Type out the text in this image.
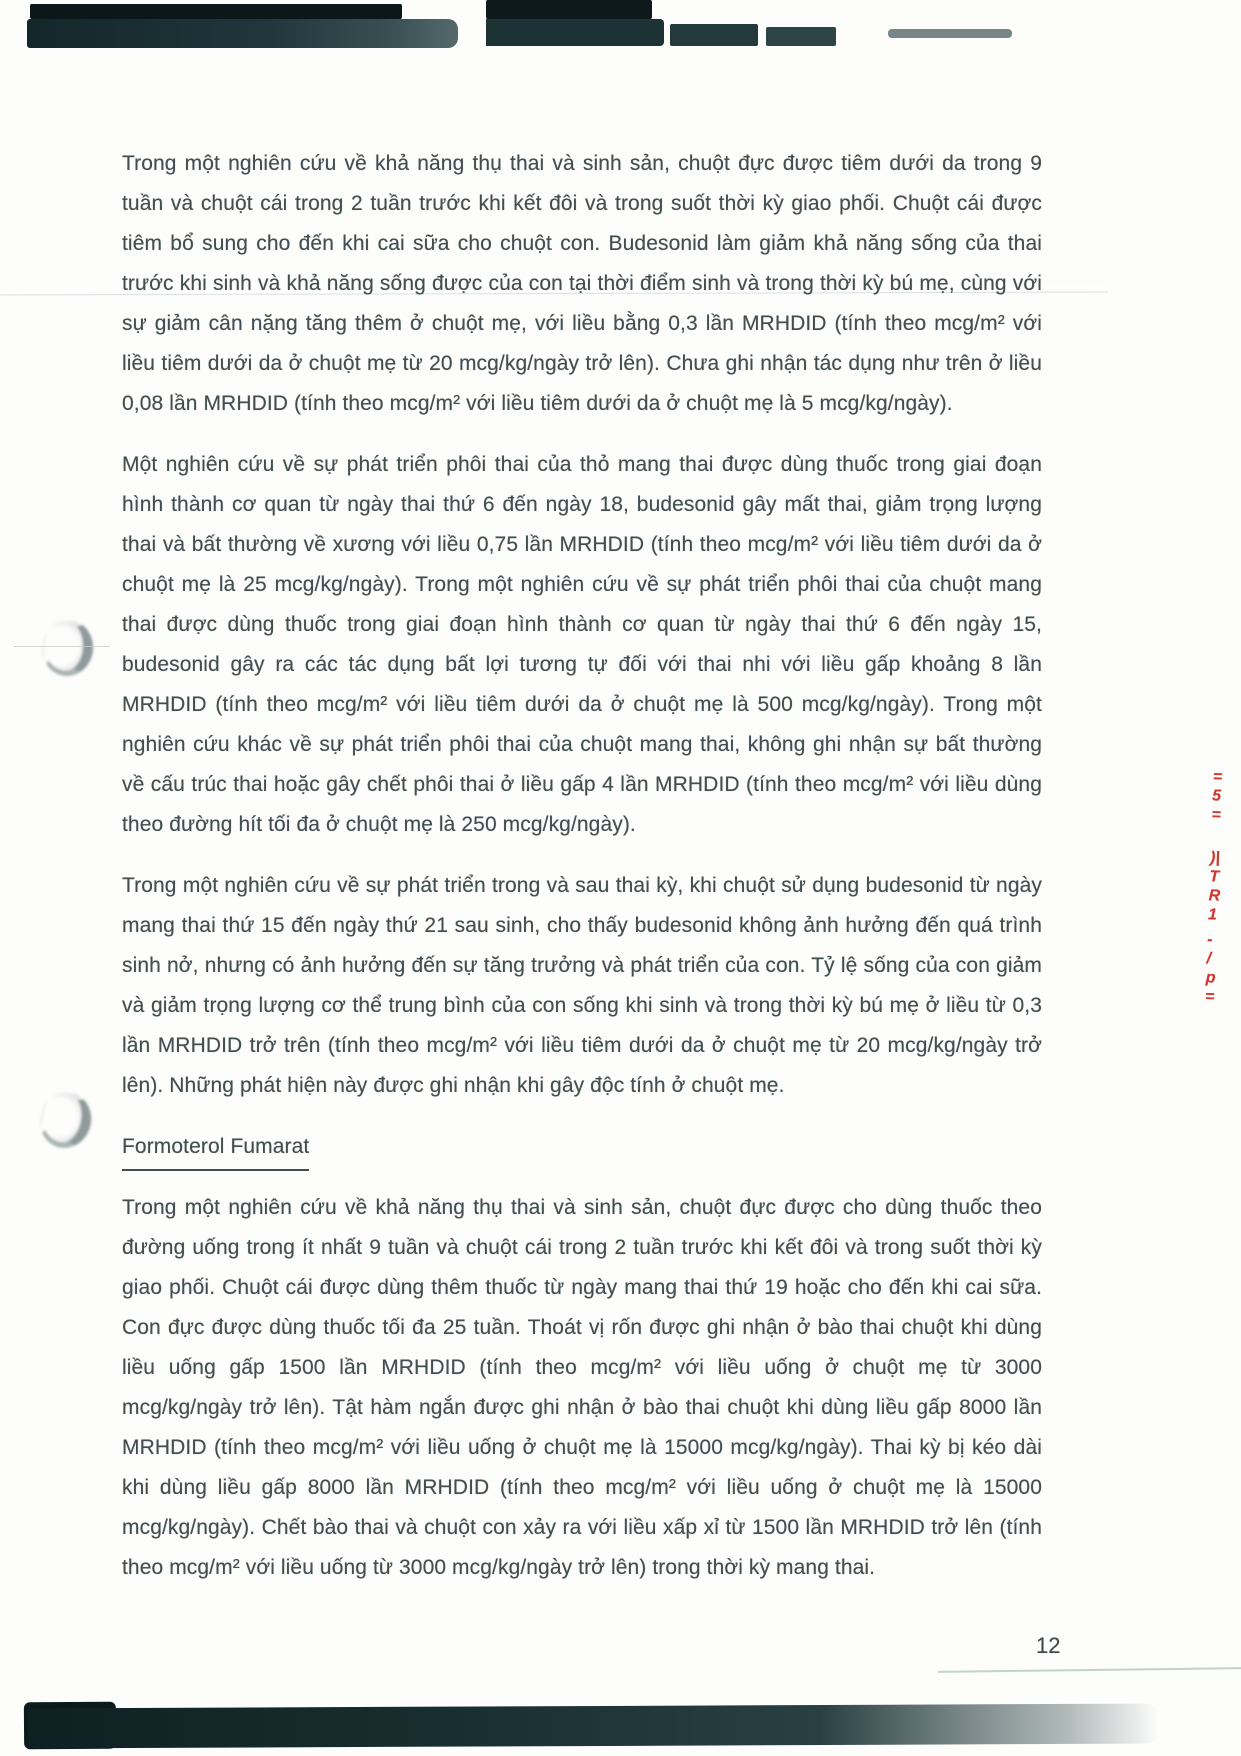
Trong một nghiên cứu về khả năng thụ thai và sinh sản, chuột đực được tiêm dưới da trong 9 tuần và chuột cái trong 2 tuần trước khi kết đôi và trong suốt thời kỳ giao phối. Chuột cái được tiêm bổ sung cho đến khi cai sữa cho chuột con. Budesonid làm giảm khả năng sống của thai trước khi sinh và khả năng sống được của con tại thời điểm sinh và trong thời kỳ bú mẹ, cùng với sự giảm cân nặng tăng thêm ở chuột mẹ, với liều bằng 0,3 lần MRHDID (tính theo mcg/m² với liều tiêm dưới da ở chuột mẹ từ 20 mcg/kg/ngày trở lên). Chưa ghi nhận tác dụng như trên ở liều 0,08 lần MRHDID (tính theo mcg/m² với liều tiêm dưới da ở chuột mẹ là 5 mcg/kg/ngày).

Một nghiên cứu về sự phát triển phôi thai của thỏ mang thai được dùng thuốc trong giai đoạn hình thành cơ quan từ ngày thai thứ 6 đến ngày 18, budesonid gây mất thai, giảm trọng lượng thai và bất thường về xương với liều 0,75 lần MRHDID (tính theo mcg/m² với liều tiêm dưới da ở chuột mẹ là 25 mcg/kg/ngày). Trong một nghiên cứu về sự phát triển phôi thai của chuột mang thai được dùng thuốc trong giai đoạn hình thành cơ quan từ ngày thai thứ 6 đến ngày 15, budesonid gây ra các tác dụng bất lợi tương tự đối với thai nhi với liều gấp khoảng 8 lần MRHDID (tính theo mcg/m² với liều tiêm dưới da ở chuột mẹ là 500 mcg/kg/ngày). Trong một nghiên cứu khác về sự phát triển phôi thai của chuột mang thai, không ghi nhận sự bất thường về cấu trúc thai hoặc gây chết phôi thai ở liều gấp 4 lần MRHDID (tính theo mcg/m² với liều dùng theo đường hít tối đa ở chuột mẹ là 250 mcg/kg/ngày).

Trong một nghiên cứu về sự phát triển trong và sau thai kỳ, khi chuột sử dụng budesonid từ ngày mang thai thứ 15 đến ngày thứ 21 sau sinh, cho thấy budesonid không ảnh hưởng đến quá trình sinh nở, nhưng có ảnh hưởng đến sự tăng trưởng và phát triển của con. Tỷ lệ sống của con giảm và giảm trọng lượng cơ thể trung bình của con sống khi sinh và trong thời kỳ bú mẹ ở liều từ 0,3 lần MRHDID trở trên (tính theo mcg/m² với liều tiêm dưới da ở chuột mẹ từ 20 mcg/kg/ngày trở lên). Những phát hiện này được ghi nhận khi gây độc tính ở chuột mẹ.

Formoterol Fumarat

Trong một nghiên cứu về khả năng thụ thai và sinh sản, chuột đực được cho dùng thuốc theo đường uống trong ít nhất 9 tuần và chuột cái trong 2 tuần trước khi kết đôi và trong suốt thời kỳ giao phối. Chuột cái được dùng thêm thuốc từ ngày mang thai thứ 19 hoặc cho đến khi cai sữa. Con đực được dùng thuốc tối đa 25 tuần. Thoát vị rốn được ghi nhận ở bào thai chuột khi dùng liều uống gấp 1500 lần MRHDID (tính theo mcg/m² với liều uống ở chuột mẹ từ 3000 mcg/kg/ngày trở lên). Tật hàm ngắn được ghi nhận ở bào thai chuột khi dùng liều gấp 8000 lần MRHDID (tính theo mcg/m² với liều uống ở chuột mẹ là 15000 mcg/kg/ngày). Thai kỳ bị kéo dài khi dùng liều gấp 8000 lần MRHDID (tính theo mcg/m² với liều uống ở chuột mẹ là 15000 mcg/kg/ngày). Chết bào thai và chuột con xảy ra với liều xấp xỉ từ 1500 lần MRHDID trở lên (tính theo mcg/m² với liều uống từ 3000 mcg/kg/ngày trở lên) trong thời kỳ mang thai.

=
5
=
)|
T
R
1
-
/
p
=
12
